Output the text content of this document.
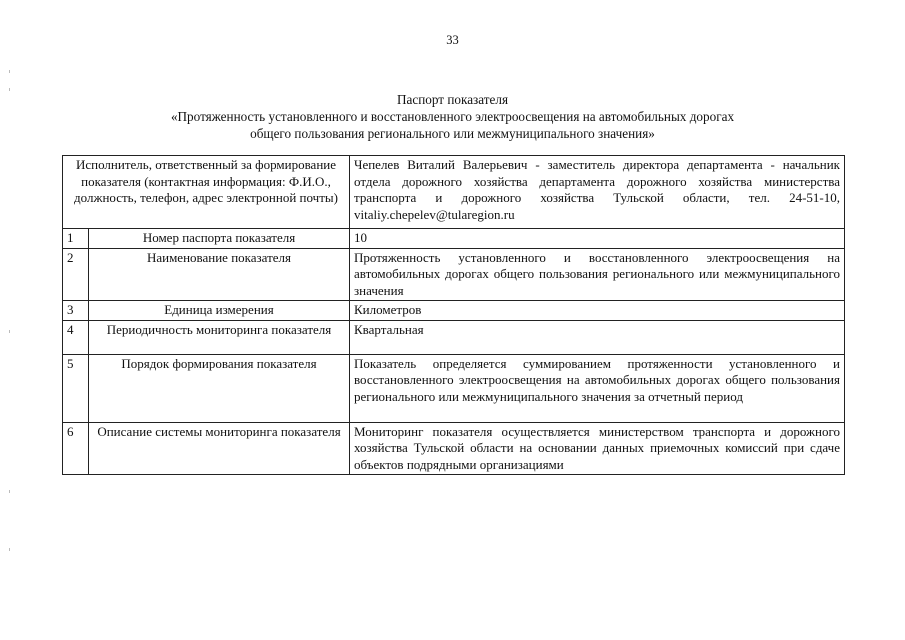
33
Паспорт показателя
«Протяженность установленного и восстановленного электроосвещения на автомобильных дорогах
общего пользования регионального или межмуниципального значения»
Исполнитель, ответственный за формирование показателя (контактная информация: Ф.И.О., должность, телефон, адрес электронной почты)		Чепелев Виталий Валерьевич - заместитель директора департамента - начальник отдела дорожного хозяйства департамента дорожного хозяйства министерства транспорта и дорожного хозяйства Тульской области, тел. 24-51-10, vitaliy.chepelev@tularegion.ru
1	Номер паспорта показателя	10
2	Наименование показателя	Протяженность установленного и восстановленного электроосвещения на автомобильных дорогах общего пользования регионального или межмуниципального значения
3	Единица измерения	Километров
4	Периодичность мониторинга показателя	Квартальная
5	Порядок формирования показателя	Показатель определяется суммированием протяженности установленного и восстановленного электроосвещения на автомобильных дорогах общего пользования регионального или межмуниципального значения за отчетный период
6	Описание системы мониторинга показателя	Мониторинг показателя осуществляется министерством транспорта и дорожного хозяйства Тульской области на основании данных приемочных комиссий при сдаче объектов подрядными организациями
